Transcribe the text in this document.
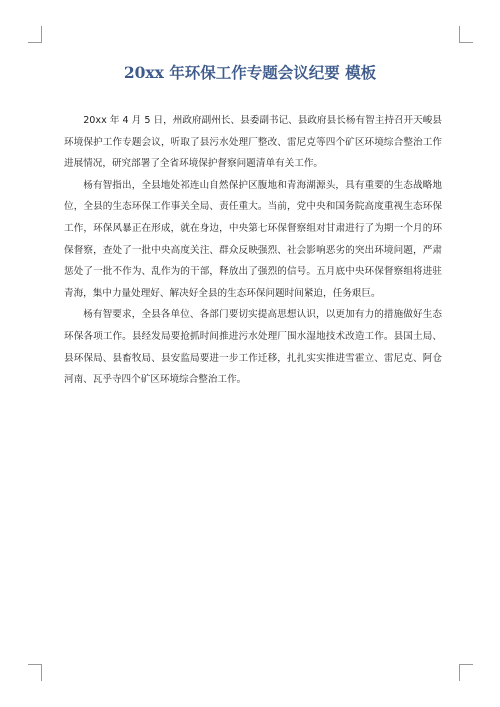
20xx 年环保工作专题会议纪要 模板

20xx 年 4 月 5 日，州政府副州长、县委副书记、县政府县长杨有智主持召开天峻县环境保护工作专题会议，听取了县污水处理厂整改、雷尼克等四个矿区环境综合整治工作进展情况，研究部署了全省环境保护督察问题清单有关工作。

杨有智指出，全县地处祁连山自然保护区腹地和青海湖源头，具有重要的生态战略地位，全县的生态环保工作事关全局、责任重大。当前，党中央和国务院高度重视生态环保工作，环保风暴正在形成，就在身边，中央第七环保督察组对甘肃进行了为期一个月的环保督察，查处了一批中央高度关注、群众反映强烈、社会影响恶劣的突出环境问题，严肃惩处了一批不作为、乱作为的干部，释放出了强烈的信号。五月底中央环保督察组将进驻青海，集中力量处理好、解决好全县的生态环保问题时间紧迫，任务艰巨。

杨有智要求，全县各单位、各部门要切实提高思想认识，以更加有力的措施做好生态环保各项工作。县经发局要抢抓时间推进污水处理厂围水湿地技术改造工作。县国土局、县环保局、县畜牧局、县安监局要进一步工作迁移，扎扎实实推进雪霍立、雷尼克、阿仓河南、瓦乎寺四个矿区环境综合整治工作。
